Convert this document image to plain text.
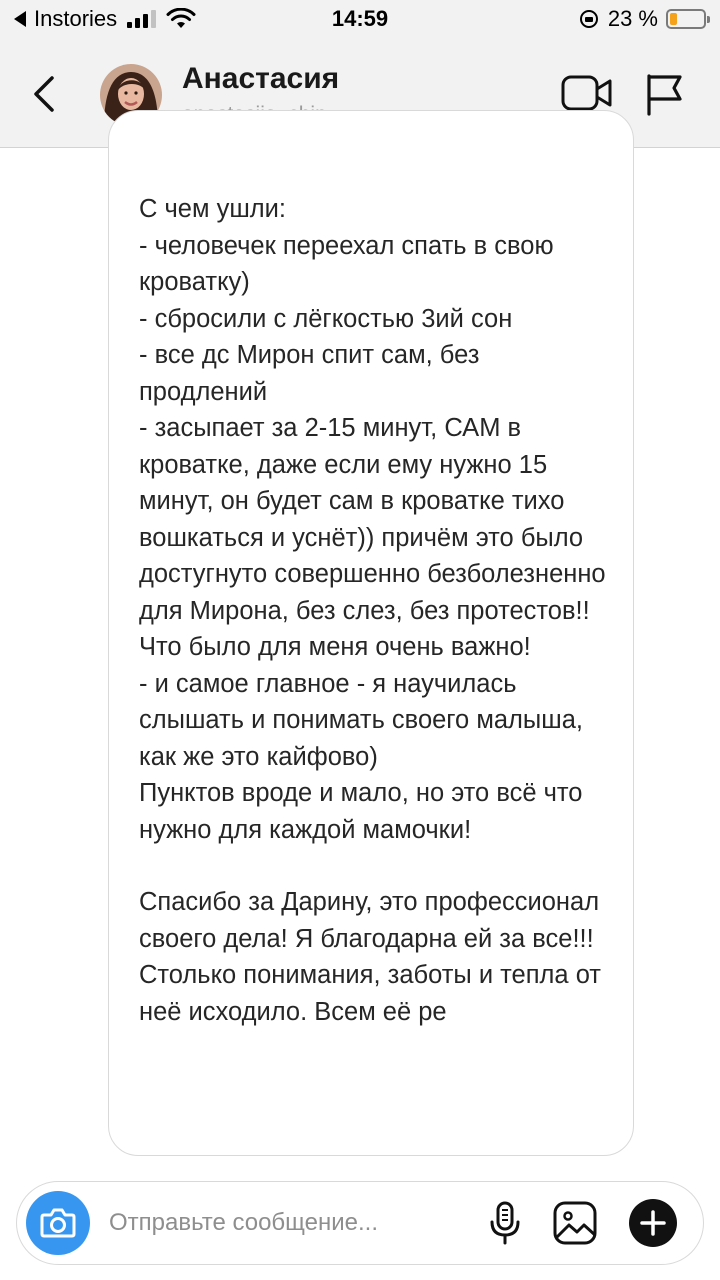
Instories	14:59	23 %
Анастасия

С чем ушли:

- человечек переехал спать в свою кроватку)

- сбросили с лёгкостью 3ий сон

- все дс Мирон спит сам, без продлений

- засыпает за 2-15 минут, САМ в кроватке, даже если ему нужно 15 минут, он будет сам в кроватке тихо вошкаться и уснёт)) причём это было достугнуто совершенно безболезненно для Мирона, без слез, без протестов!! Что было для меня очень важно!

- и самое главное - я научилась слышать и понимать своего малыша, как же это кайфово)

Пунктов вроде и мало, но это всё что нужно для каждой мамочки!

Спасибо за Дарину, это профессионал своего дела! Я благодарна ей за все!!!

Столько понимания, заботы и тепла от неё исходило. Всем её ре

Отправьте сообщение...
